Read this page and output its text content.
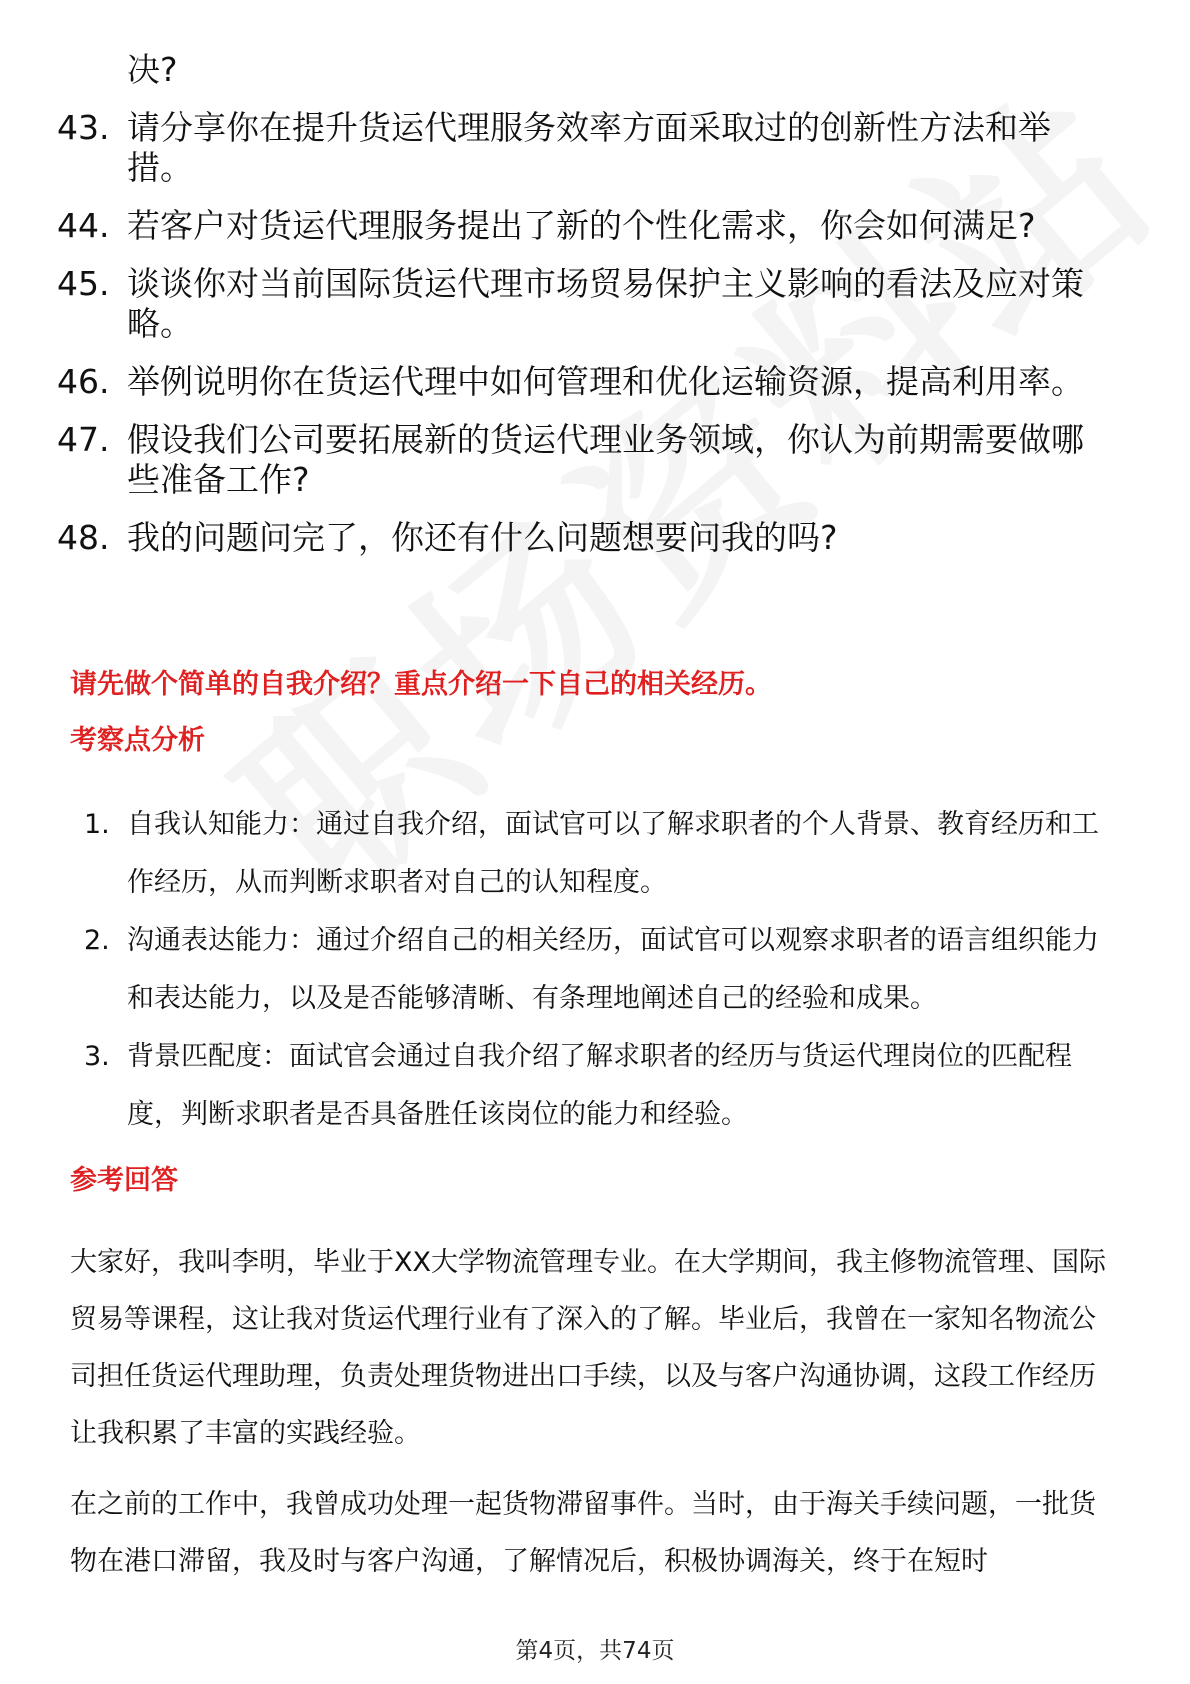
决?
43. 请分享你在提升货运代理服务效率方面采取过的创新性方法和举措。
44. 若客户对货运代理服务提出了新的个性化需求，你会如何满足?
45. 谈谈你对当前国际货运代理市场贸易保护主义影响的看法及应对策略。
46. 举例说明你在货运代理中如何管理和优化运输资源，提高利用率。
47. 假设我们公司要拓展新的货运代理业务领域，你认为前期需要做哪些准备工作?
48. 我的问题问完了，你还有什么问题想要问我的吗?
请先做个简单的自我介绍？重点介绍一下自己的相关经历。
考察点分析
1. 自我认知能力：通过自我介绍，面试官可以了解求职者的个人背景、教育经历和工作经历，从而判断求职者对自己的认知程度。
2. 沟通表达能力：通过介绍自己的相关经历，面试官可以观察求职者的语言组织能力和表达能力，以及是否能够清晰、有条理地阐述自己的经验和成果。
3. 背景匹配度：面试官会通过自我介绍了解求职者的经历与货运代理岗位的匹配程度，判断求职者是否具备胜任该岗位的能力和经验。
参考回答

大家好，我叫李明，毕业于XX大学物流管理专业。在大学期间，我主修物流管理、国际贸易等课程，这让我对货运代理行业有了深入的了解。毕业后，我曾在一家知名物流公司担任货运代理助理，负责处理货物进出口手续，以及与客户沟通协调，这段工作经历让我积累了丰富的实践经验。

在之前的工作中，我曾成功处理一起货物滞留事件。当时，由于海关手续问题，一批货物在港口滞留，我及时与客户沟通，了解情况后，积极协调海关，终于在短时

第4页，共74页
